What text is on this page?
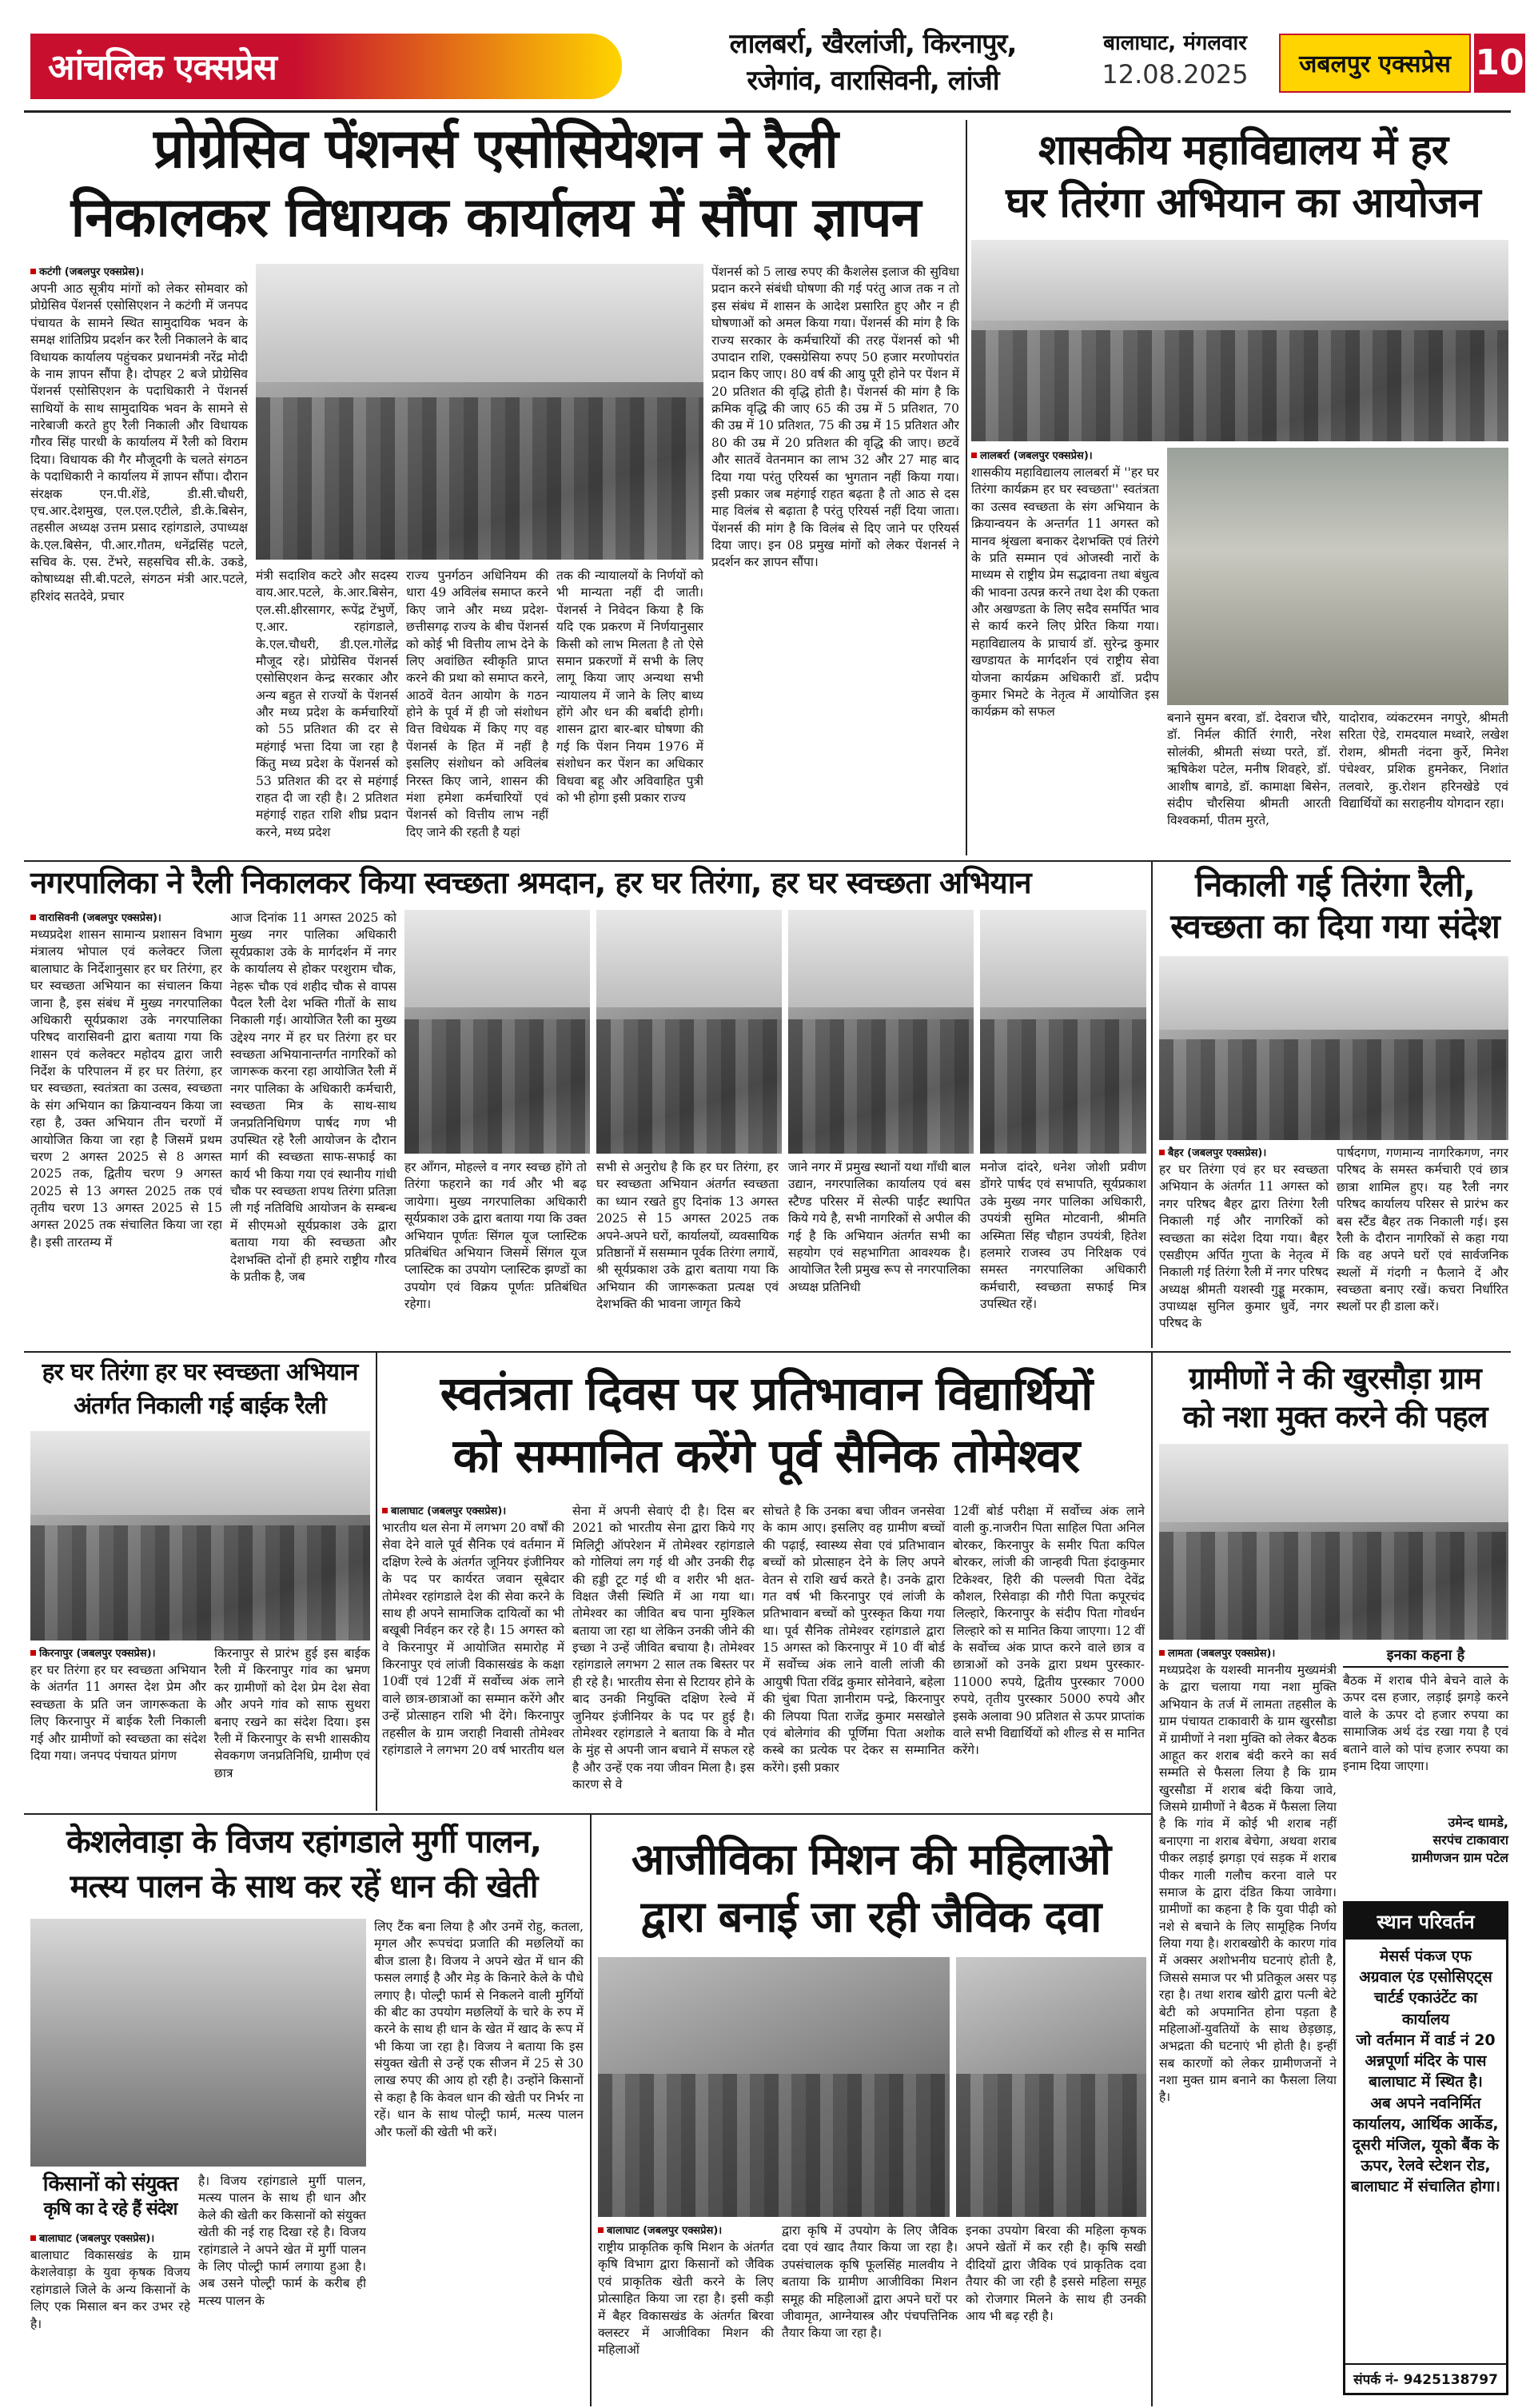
आंचलिक एक्सप्रेस
लालबर्रा, खैरलांजी, किरनापुर,
रजेगांव, वारासिवनी, लांजी
बालाघाट, मंगलवार
12.08.2025	जबलपुर एक्सप्रेस 10
प्रोग्रेसिव पेंशनर्स एसोसियेशन ने रैली
निकालकर विधायक कार्यालय में सौंपा ज्ञापन
कटंगी (जबलपुर एक्सप्रेस)।
अपनी आठ सूत्रीय मांगों को लेकर सोमवार को प्रोग्रेसिव पेंशनर्स एसोसिएशन ने कटंगी में जनपद पंचायत के सामने स्थित सामुदायिक भवन के समक्ष शांतिप्रिय प्रदर्शन कर रैली निकालने के बाद विधायक कार्यालय पहुंचकर प्रधानमंत्री नरेंद्र मोदी के नाम ज्ञापन सौंपा है। दोपहर 2 बजे प्रोग्रेसिव पेंशनर्स एसोसिएशन के पदाधिकारी ने पेंशनर्स साथियों के साथ सामुदायिक भवन के सामने से नारेबाजी करते हुए रैली निकाली और विधायक गौरव सिंह पारधी के कार्यालय में रैली को विराम दिया। विधायक की गैर मौजूदगी के चलते संगठन के पदाधिकारी ने कार्यालय में ज्ञापन सौंपा। दौरान संरक्षक एन.पी.शेंडे, डी.सी.चौधरी, एच.आर.देशमुख, एल.एल.एटीले, डी.के.बिसेन, तहसील अध्यक्ष उत्तम प्रसाद रहांगडाले, उपाध्यक्ष के.एल.बिसेन, पी.आर.गौतम, धनेंद्रसिंह पटले, सचिव के. एस. टेंभरे, सहसचिव सी.के. उकडे, कोषाध्यक्ष सी.बी.पटले, संगठन मंत्री आर.पटले, हरिशंद सतदेवे, प्रचार
मंत्री सदाशिव कटरे और सदस्य वाय.आर.पटले, के.आर.बिसेन, एल.सी.क्षीरसागर, रूपेंद्र टेंभुर्णे, ए.आर. रहांगडाले, के.एल.चौधरी, डी.एल.गोलेंद्र मौजूद रहे। प्रोग्रेसिव पेंशनर्स एसोसिएशन केन्द्र सरकार और अन्य बहुत से राज्यों के पेंशनर्स और मध्य प्रदेश के कर्मचारियों को 55 प्रतिशत की दर से महंगाई भत्ता दिया जा रहा है किंतु मध्य प्रदेश के पेंशनर्स को 53 प्रतिशत की दर से महंगाई राहत दी जा रही है। 2 प्रतिशत महंगाई राहत राशि शीघ्र प्रदान करने, मध्य प्रदेश
राज्य पुनर्गठन अधिनियम की धारा 49 अविलंब समाप्त करने किए जाने और मध्य प्रदेश-छत्तीसगढ़ राज्य के बीच पेंशनर्स को कोई भी वित्तीय लाभ देने के लिए अवांछित स्वीकृति प्राप्त करने की प्रथा को समाप्त करने, आठवें वेतन आयोग के गठन होने के पूर्व में ही जो संशोधन वित्त विधेयक में किए गए वह पेंशनर्स के हित में नहीं है इसलिए संशोधन को अविलंब निरस्त किए जाने, शासन की मंशा हमेशा कर्मचारियों एवं पेंशनर्स को वित्तीय लाभ नहीं दिए जाने की रहती है यहां
तक की न्यायालयों के निर्णयों को भी मान्यता नहीं दी जाती। पेंशनर्स ने निवेदन किया है कि यदि एक प्रकरण में निर्णयानुसार किसी को लाभ मिलता है तो ऐसे समान प्रकरणों में सभी के लिए लागू किया जाए अन्यथा सभी न्यायालय में जाने के लिए बाध्य होंगे और धन की बर्बादी होगी। शासन द्वारा बार-बार घोषणा की गई कि पेंशन नियम 1976 में संशोधन कर पेंशन का अधिकार विधवा बहू और अविवाहित पुत्री को भी होगा इसी प्रकार राज्य
पेंशनर्स को 5 लाख रुपए की कैशलेस इलाज की सुविधा प्रदान करने संबंधी घोषणा की गई परंतु आज तक न तो इस संबंध में शासन के आदेश प्रसारित हुए और न ही घोषणाओं को अमल किया गया। पेंशनर्स की मांग है कि राज्य सरकार के कर्मचारियों की तरह पेंशनर्स को भी उपादान राशि, एक्सग्रेसिया रुपए 50 हजार मरणोपरांत प्रदान किए जाए। 80 वर्ष की आयु पूरी होने पर पेंशन में 20 प्रतिशत की वृद्धि होती है। पेंशनर्स की मांग है कि क्रमिक वृद्धि की जाए 65 की उम्र में 5 प्रतिशत, 70 की उम्र में 10 प्रतिशत, 75 की उम्र में 15 प्रतिशत और 80 की उम्र में 20 प्रतिशत की वृद्धि की जाए। छटवें और सातवें वेतनमान का लाभ 32 और 27 माह बाद दिया गया परंतु एरियर्स का भुगतान नहीं किया गया। इसी प्रकार जब महंगाई राहत बढ़ता है तो आठ से दस माह विलंब से बढ़ाता है परंतु एरियर्स नहीं दिया जाता। पेंशनर्स की मांग है कि विलंब से दिए जाने पर एरियर्स दिया जाए। इन 08 प्रमुख मांगों को लेकर पेंशनर्स ने प्रदर्शन कर ज्ञापन सौंपा।
शासकीय महाविद्यालय में हर
घर तिरंगा अभियान का आयोजन
लालबर्रा (जबलपुर एक्सप्रेस)।
शासकीय महाविद्यालय लालबर्रा में ''हर घर तिरंगा कार्यक्रम हर घर स्वच्छता'' स्वतंत्रता का उत्सव स्वच्छता के संग अभियान के क्रियान्वयन के अन्तर्गत 11 अगस्त को मानव श्रृंखला बनाकर देशभक्ति एवं तिरंगे के प्रति सम्मान एवं ओजस्वी नारों के माध्यम से राष्ट्रीय प्रेम सद्भावना तथा बंधुत्व की भावना उत्पन्न करने तथा देश की एकता और अखण्डता के लिए सदैव समर्पित भाव से कार्य करने लिए प्रेरित किया गया। महाविद्यालय के प्राचार्य डॉ. सुरेन्द्र कुमार खण्डायत के मार्गदर्शन एवं राष्ट्रीय सेवा योजना कार्यक्रम अधिकारी डॉ. प्रदीप कुमार भिमटे के नेतृत्व में आयोजित इस कार्यक्रम को सफल	बनाने सुमन बरवा, डॉ. देवराज चौरे, डॉ. निर्मल कीर्ति रंगारी, नरेश सोलंकी, श्रीमती संध्या परते, डॉ. ऋषिकेश पटेल, मनीष शिवहरे, डॉ. आशीष बागडे, डॉ. कामाक्षा बिसेन, संदीप चौरसिया श्रीमती आरती विश्वकर्मा, पीतम मुरते,
यादोराव, व्यंकटरमन नगपुरे, श्रीमती सरिता ऐडे, रामदयाल मध्वारे, लखेश रोशम, श्रीमती नंदना कुर्रे, मिनेश पंचेश्वर, प्रशिक हुमनेकर, निशांत तलवारे, कु.रोशन हरिनखेडे एवं विद्यार्थियों का सराहनीय योगदान रहा।
नगरपालिका ने रैली निकालकर किया स्वच्छता श्रमदान, हर घर तिरंगा, हर घर स्वच्छता अभियान
वारासिवनी (जबलपुर एक्सप्रेस)।
मध्यप्रदेश शासन सामान्य प्रशासन विभाग मंत्रालय भोपाल एवं कलेक्टर जिला बालाघाट के निर्देशानुसार हर घर तिरंगा, हर घर स्वच्छता अभियान का संचालन किया जाना है, इस संबंध में मुख्य नगरपालिका अधिकारी सूर्यप्रकाश उके नगरपालिका परिषद वारासिवनी द्वारा बताया गया कि शासन एवं कलेक्टर महोदय द्वारा जारी निर्देश के परिपालन में हर घर तिरंगा, हर घर स्वच्छता, स्वतंत्रता का उत्सव, स्वच्छता के संग अभियान का क्रियान्वयन किया जा रहा है, उक्त अभियान तीन चरणों में आयोजित किया जा रहा है जिसमें प्रथम चरण 2 अगस्त 2025 से 8 अगस्त 2025 तक, द्वितीय चरण 9 अगस्त 2025 से 13 अगस्त 2025 तक एवं तृतीय चरण 13 अगस्त 2025 से 15 अगस्त 2025 तक संचालित किया जा रहा है। इसी तारतम्य में
आज दिनांक 11 अगस्त 2025 को मुख्य नगर पालिका अधिकारी सूर्यप्रकाश उके के मार्गदर्शन में नगर के कार्यालय से होकर परशुराम चौक, नेहरू चौक एवं शहीद चौक से वापस पैदल रैली देश भक्ति गीतों के साथ निकाली गई। आयोजित रैली का मुख्य उद्देश्य नगर में हर घर तिरंगा हर घर स्वच्छता अभियानान्तर्गत नागरिकों को जागरूक करना रहा आयोजित रैली में नगर पालिका के अधिकारी कर्मचारी, स्वच्छता मित्र के साथ-साथ जनप्रतिनिधिगण पार्षद गण भी उपस्थित रहे रैली आयोजन के दौरान मार्ग की स्वच्छता साफ-सफाई का कार्य भी किया गया एवं स्थानीय गांधी चौक पर स्वच्छता शपथ तिरंगा प्रतिज्ञा ली गई नतिविधि आयोजन के सम्बन्ध में सीएमओ सूर्यप्रकाश उके द्वारा बताया गया की स्वच्छता और देशभक्ति दोनों ही हमारे राष्ट्रीय गौरव के प्रतीक है, जब
हर आँगन, मोहल्ले व नगर स्वच्छ होंगे तो तिरंगा फहराने का गर्व और भी बढ़ जायेगा। मुख्य नगरपालिका अधिकारी सूर्यप्रकाश उके द्वारा बताया गया कि उक्त अभियान पूर्णतः सिंगल यूज प्लास्टिक प्रतिबंधित अभियान जिसमें सिंगल यूज प्लास्टिक का उपयोग प्लास्टिक झण्डों का उपयोग एवं विक्रय पूर्णतः प्रतिबंधित रहेगा।
सभी से अनुरोध है कि हर घर तिरंगा, हर घर स्वच्छता अभियान अंतर्गत स्वच्छता का ध्यान रखते हुए दिनांक 13 अगस्त 2025 से 15 अगस्त 2025 तक अपने-अपने घरों, कार्यालयों, व्यवसायिक प्रतिष्ठानों में ससम्मान पूर्वक तिरंगा लगायें, श्री सूर्यप्रकाश उके द्वारा बताया गया कि अभियान की जागरूकता प्रत्यक्ष एवं देशभक्ति की भावना जागृत किये
जाने नगर में प्रमुख स्थानों यथा गाँधी बाल उद्यान, नगरपालिका कार्यालय एवं बस स्टैण्ड परिसर में सेल्फी पाईंट स्थापित किये गये है, सभी नागरिकों से अपील की गई है कि अभियान अंतर्गत सभी का सहयोग एवं सहभागिता आवश्यक है। आयोजित रैली प्रमुख रूप से नगरपालिका अध्यक्ष प्रतिनिधी
मनोज दांदरे, धनेश जोशी प्रवीण डोंगरे पार्षद एवं सभापति, सूर्यप्रकाश उके मुख्य नगर पालिका अधिकारी, उपयंत्री सुमित मोटवानी, श्रीमति अस्मिता सिंह चौहान उपयंत्री, हितेश हलमारे राजस्व उप निरिक्षक एवं समस्त नगरपालिका अधिकारी कर्मचारी, स्वच्छता सफाई मित्र उपस्थित रहें।
निकाली गई तिरंगा रैली,
स्वच्छता का दिया गया संदेश
बैहर (जबलपुर एक्सप्रेस)।
हर घर तिरंगा एवं हर घर स्वच्छता अभियान के अंतर्गत 11 अगस्त को नगर परिषद बैहर द्वारा तिरंगा रैली निकाली गई और नागरिकों को स्वच्छता का संदेश दिया गया। बैहर एसडीएम अर्पित गुप्ता के नेतृत्व में निकाली गई तिरंगा रैली में नगर परिषद अध्यक्ष श्रीमती यशस्वी गुड्डू मरकाम, उपाध्यक्ष सुनिल कुमार धुर्वे, नगर परिषद के
पार्षदगण, गणमान्य नागरिकगण, नगर परिषद के समस्त कर्मचारी एवं छात्र छात्रा शामिल हुए। यह रैली नगर परिषद कार्यालय परिसर से प्रारंभ कर बस स्टैंड बैहर तक निकाली गई। इस रैली के दौरान नागरिकों से कहा गया कि वह अपने घरों एवं सार्वजनिक स्थलों में गंदगी न फैलाने दें और स्वच्छता बनाए रखें। कचरा निर्धारित स्थलों पर ही डाला करें।
हर घर तिरंगा हर घर स्वच्छता अभियान
अंतर्गत निकाली गई बाईक रैली
किरनापुर (जबलपुर एक्सप्रेस)।
हर घर तिरंगा हर घर स्वच्छता अभियान के अंतर्गत 11 अगस्त देश प्रेम और स्वच्छता के प्रति जन जागरूकता के लिए किरनापुर में बाईक रैली निकाली गई और ग्रामीणों को स्वच्छता का संदेश दिया गया। जनपद पंचायत प्रांगण
किरनापुर से प्रारंभ हुई इस बाईक रैली में किरनापुर गांव का भ्रमण कर ग्रामीणों को देश प्रेम देश सेवा और अपने गांव को साफ सुथरा बनाए रखने का संदेश दिया। इस रैली में किरनापुर के सभी शासकीय सेवकगण जनप्रतिनिधि, ग्रामीण एवं छात्र
स्वतंत्रता दिवस पर प्रतिभावान विद्यार्थियों
को सम्मानित करेंगे पूर्व सैनिक तोमेश्वर
बालाघाट (जबलपुर एक्सप्रेस)।
भारतीय थल सेना में लगभग 20 वर्षों की सेवा देने वाले पूर्व सैनिक एवं वर्तमान में दक्षिण रेल्वे के अंतर्गत जूनियर इंजीनियर के पद पर कार्यरत जवान सूबेदार तोमेश्वर रहांगडाले देश की सेवा करने के साथ ही अपने सामाजिक दायित्वों का भी बखूबी निर्वहन कर रहे है। 15 अगस्त को वे किरनापुर में आयोजित समारोह में किरनापुर एवं लांजी विकासखंड के कक्षा 10वीं एवं 12वीं में सर्वोच्च अंक लाने वाले छात्र-छात्राओं का सम्मान करेंगे और उन्हें प्रोत्साहन राशि भी देंगे। किरनापुर तहसील के ग्राम जराही निवासी तोमेश्वर रहांगडाले ने लगभग 20 वर्ष भारतीय थल
सेना में अपनी सेवाएं दी है। दिस बर 2021 को भारतीय सेना द्वारा किये गए मिलिट्री ऑपरेशन में तोमेश्वर रहांगडाले को गोलियां लग गई थी और उनकी रीढ़ की हड्डी टूट गई थी व शरीर भी क्षत-विक्षत जैसी स्थिति में आ गया था। तोमेश्वर का जीवित बच पाना मुश्किल बताया जा रहा था लेकिन उनकी जीने की इच्छा ने उन्हें जीवित बचाया है। तोमेश्वर रहांगडाले लगभग 2 साल तक बिस्तर पर ही रहे है। भारतीय सेना से रिटायर होने के बाद उनकी नियुक्ति दक्षिण रेल्वे में जुनियर इंजीनियर के पद पर हुई है। तोमेश्वर रहांगडाले ने बताया कि वे मौत के मुंह से अपनी जान बचाने में सफल रहे है और उन्हें एक नया जीवन मिला है। इस कारण से वे
सोचते है कि उनका बचा जीवन जनसेवा के काम आए। इसलिए वह ग्रामीण बच्चों की पढ़ाई, स्वास्थ्य सेवा एवं प्रतिभावान बच्चों को प्रोत्साहन देने के लिए अपने वेतन से राशि खर्च करते है। उनके द्वारा गत वर्ष भी किरनापुर एवं लांजी के प्रतिभावान बच्चों को पुरस्कृत किया गया था। पूर्व सैनिक तोमेश्वर रहांगडाले द्वारा 15 अगस्त को किरनापुर में 10 वीं बोर्ड में सर्वोच्च अंक लाने वाली लांजी की आयुषी पिता रविंद्र कुमार सोनेवाने, बहेला की चुंबा पिता ज्ञानीराम पन्द्रे, किरनापुर की लिपया पिता राजेंद्र कुमार मसखोले एवं बोलेगांव की पूर्णिमा पिता अशोक कस्बे का प्रत्येक पर देकर स सम्मानित करेंगे। इसी प्रकार
12वीं बोर्ड परीक्षा में सर्वोच्च अंक लाने वाली कु.नाजरीन पिता साहिल पिता अनिल बोरकर, किरनापुर के समीर पिता कपिल बोरकर, लांजी की जान्हवी पिता इंदाकुमार टिकेश्वर, हिरी की पल्लवी पिता देवेंद्र कौशल, रिसेवाड़ा की गौरी पिता कपूरचंद लिल्हारे, किरनापुर के संदीप पिता गोवर्धन लिल्हारे को स मानित किया जाएगा। 12 वीं के सर्वोच्च अंक प्राप्त करने वाले छात्र व छात्राओं को उनके द्वारा प्रथम पुरस्कार- 11000 रुपये, द्वितीय पुरस्कार 7000 रुपये, तृतीय पुरस्कार 5000 रुपये और इसके अलावा 90 प्रतिशत से ऊपर प्राप्तांक वाले सभी विद्यार्थियों को शील्ड से स मानित करेंगे।
ग्रामीणों ने की खुरसौड़ा ग्राम
को नशा मुक्त करने की पहल
लामता (जबलपुर एक्सप्रेस)।
मध्यप्रदेश के यशस्वी माननीय मुख्यमंत्री के द्वारा चलाया गया नशा मुक्ति अभियान के तर्ज में लामता तहसील के ग्राम पंचायत टाकावारी के ग्राम खुरसौडा में ग्रामीणों ने नशा मुक्ति को लेकर बैठक आहूत कर शराब बंदी करने का सर्व सम्मति से फैसला लिया है कि ग्राम खुरसौडा में शराब बंदी किया जावे, जिसमे ग्रामीणों ने बैठक में फैसला लिया है कि गांव में कोई भी शराब नहीं बनाएगा ना शराब बेचेगा, अथवा शराब पीकर लड़ाई झगड़ा एवं सड़क में शराब पीकर गाली गलौच करना वाले पर समाज के द्वारा दंडित किया जावेगा। ग्रामीणों का कहना है कि युवा पीढ़ी को नशे से बचाने के लिए सामूहिक निर्णय लिया गया है। शराबखोरी के कारण गांव में अक्सर अशोभनीय घटनाएं होती है, जिससे समाज पर भी प्रतिकूल असर पड़ रहा है। तथा शराब खोरी द्वारा पत्नी बेटे बेटी को अपमानित होना पड़ता है महिलाओं-युवतियों के साथ छेड़छाड़, अभद्रता की घटनाएं भी होती है। इन्हीं सब कारणों को लेकर ग्रामीणजनों ने नशा मुक्त ग्राम बनाने का फैसला लिया है।
इनका कहना है
बैठक में शराब पीने बेचने वाले के ऊपर दस हजार, लड़ाई झगड़े करने वाले के ऊपर दो हजार रुपया का सामाजिक अर्थ दंड रखा गया है एवं बताने वाले को पांच हजार रुपया का इनाम दिया जाएगा।
उमेन्द धामडे,
सरपंच टाकावारा
ग्रामीणजन ग्राम पटेल
स्थान परिवर्तन
मेसर्स पंकज एफ
अग्रवाल एंड एसोसिएट्स
चार्टर्ड एकाउंटेंट का कार्यालय
जो वर्तमान में वार्ड नं 20
अन्नपूर्णा मंदिर के पास
बालाघाट में स्थित है।
अब अपने नवनिर्मित
कार्यालय, आर्थिक आर्केड,
दूसरी मंजिल, यूको बैंक के
ऊपर, रेलवे स्टेशन रोड,
बालाघाट में संचालित होगा।
संपर्क नं- 9425138797
केशलेवाड़ा के विजय रहांगडाले मुर्गी पालन,
मत्स्य पालन के साथ कर रहें धान की खेती
किसानों को संयुक्त
कृषि का दे रहे हैं संदेश
बालाघाट (जबलपुर एक्सप्रेस)।
बालाघाट विकासखंड के ग्राम केशलेवाड़ा के युवा कृषक विजय रहांगडाले जिले के अन्य किसानों के लिए एक मिसाल बन कर उभर रहे है।
है। विजय रहांगडाले मुर्गी पालन, मत्स्य पालन के साथ ही धान और केले की खेती कर किसानों को संयुक्त खेती की नई राह दिखा रहे है। विजय रहांगडाले ने अपने खेत में मुर्गी पालन के लिए पोल्ट्री फार्म लगाया हुआ है। अब उसने पोल्ट्री फार्म के करीब ही मत्स्य पालन के
लिए टैंक बना लिया है और उनमें रोहु, कतला, मृगल और रूपचंदा प्रजाति की मछलियों का बीज डाला है। विजय ने अपने खेत में धान की फसल लगाई है और मेड़ के किनारे केले के पौधे लगाए है। पोल्ट्री फार्म से निकलने वाली मुर्गियों की बीट का उपयोग मछलियों के चारे के रुप में करने के साथ ही धान के खेत में खाद के रूप में भी किया जा रहा है। विजय ने बताया कि इस संयुक्त खेती से उन्हें एक सीजन में 25 से 30 लाख रुपए की आय हो रही है। उन्होंने किसानों से कहा है कि केवल धान की खेती पर निर्भर ना रहें। धान के साथ पोल्ट्री फार्म, मत्स्य पालन और फलों की खेती भी करें।
आजीविका मिशन की महिलाओ
द्वारा बनाई जा रही जैविक दवा
बालाघाट (जबलपुर एक्सप्रेस)।
राष्ट्रीय प्राकृतिक कृषि मिशन के अंतर्गत कृषि विभाग द्वारा किसानों को जैविक एवं प्राकृतिक खेती करने के लिए प्रोत्साहित किया जा रहा है। इसी कड़ी में बैहर विकासखंड के अंतर्गत बिरवा क्लस्टर में आजीविका मिशन की महिलाओं
द्वारा कृषि में उपयोग के लिए जैविक दवा एवं खाद तैयार किया जा रहा है। उपसंचालक कृषि फूलसिंह मालवीय ने बताया कि ग्रामीण आजीविका मिशन समूह की महिलाओं द्वारा अपने घरों पर जीवामृत, आग्नेयास्त्र और पंचपत्तिनिक तैयार किया जा रहा है।
इनका उपयोग बिरवा की महिला कृषक अपने खेतों में कर रही है। कृषि सखी दीदियों द्वारा जैविक एवं प्राकृतिक दवा तैयार की जा रही है इससे महिला समूह को रोजगार मिलने के साथ ही उनकी आय भी बढ़ रही है।
